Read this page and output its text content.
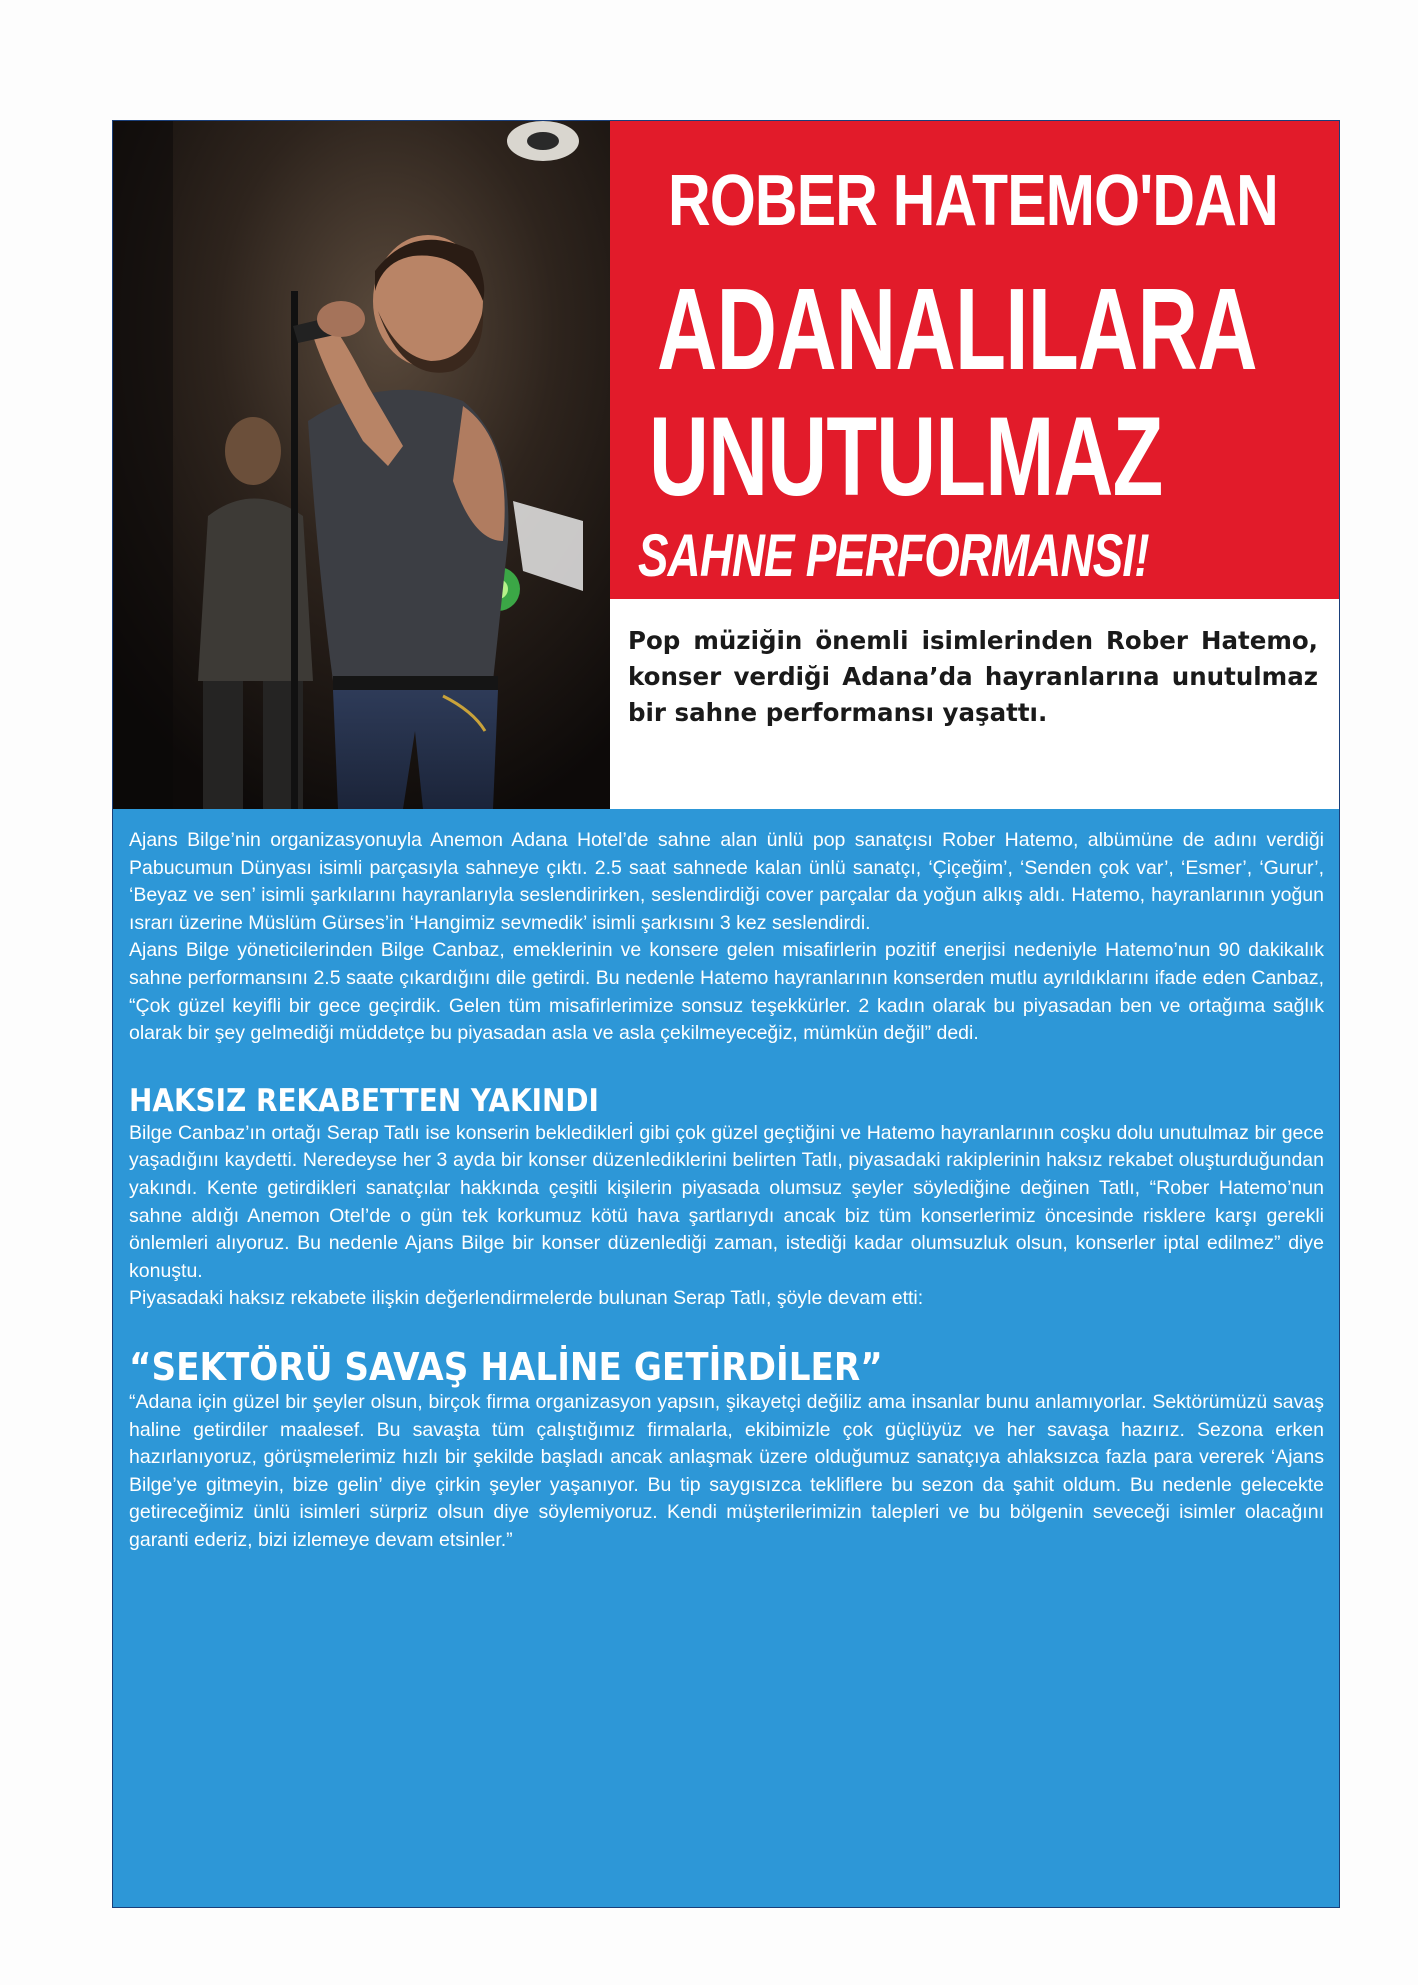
ROBER HATEMO'DAN
ADANALILARA
UNUTULMAZ
SAHNE PERFORMANSI!

Pop müziğin önemli isimlerinden Rober Hatemo, konser verdiği Adana’da hayranlarına unutulmaz bir sahne performansı yaşattı.

Ajans Bilge’nin organizasyonuyla Anemon Adana Hotel’de sahne alan ünlü pop sanatçısı Rober Hatemo, albümüne de adını verdiği Pabucumun Dünyası isimli parçasıyla sahneye çıktı. 2.5 saat sahnede kalan ünlü sanatçı, ‘Çiçeğim’, ‘Senden çok var’, ‘Esmer’, ‘Gurur’, ‘Beyaz ve sen’ isimli şarkılarını hayranlarıyla seslendirirken, seslendirdiği cover parçalar da yoğun alkış aldı. Hatemo, hayranlarının yoğun ısrarı üzerine Müslüm Gürses’in ‘Hangimiz sevmedik’ isimli şarkısını 3 kez seslendirdi.

Ajans Bilge yöneticilerinden Bilge Canbaz, emeklerinin ve konsere gelen misafirlerin pozitif enerjisi nedeniyle Hatemo’nun 90 dakikalık sahne performansını 2.5 saate çıkardığını dile getirdi. Bu nedenle Hatemo hayranlarının konserden mutlu ayrıldıklarını ifade eden Canbaz, “Çok güzel keyifli bir gece geçirdik. Gelen tüm misafirlerimize sonsuz teşekkürler. 2 kadın olarak bu piyasadan ben ve ortağıma sağlık olarak bir şey gelmediği müddetçe bu piyasadan asla ve asla çekilmeyeceğiz, mümkün değil” dedi.

HAKSIZ REKABETTEN YAKINDI

Bilge Canbaz’ın ortağı Serap Tatlı ise konserin beklediklerİ gibi çok güzel geçtiğini ve Hatemo hayranlarının coşku dolu unutulmaz bir gece yaşadığını kaydetti. Neredeyse her 3 ayda bir konser düzenlediklerini belirten Tatlı, piyasadaki rakiplerinin haksız rekabet oluşturduğundan yakındı. Kente getirdikleri sanatçılar hakkında çeşitli kişilerin piyasada olumsuz şeyler söylediğine değinen Tatlı, “Rober Hatemo’nun sahne aldığı Anemon Otel’de o gün tek korkumuz kötü hava şartlarıydı ancak biz tüm konserlerimiz öncesinde risklere karşı gerekli önlemleri alıyoruz. Bu nedenle Ajans Bilge bir konser düzenlediği zaman, istediği kadar olumsuzluk olsun, konserler iptal edilmez” diye konuştu.

Piyasadaki haksız rekabete ilişkin değerlendirmelerde bulunan Serap Tatlı, şöyle devam etti:

“SEKTÖRÜ SAVAŞ HALİNE GETİRDİLER”

“Adana için güzel bir şeyler olsun, birçok firma organizasyon yapsın, şikayetçi değiliz ama insanlar bunu anlamıyorlar. Sektörümüzü savaş haline getirdiler maalesef. Bu savaşta tüm çalıştığımız firmalarla, ekibimizle çok güçlüyüz ve her savaşa hazırız. Sezona erken hazırlanıyoruz, görüşmelerimiz hızlı bir şekilde başladı ancak anlaşmak üzere olduğumuz sanatçıya ahlaksızca fazla para vererek ‘Ajans Bilge’ye gitmeyin, bize gelin’ diye çirkin şeyler yaşanıyor. Bu tip saygısızca tekliflere bu sezon da şahit oldum. Bu nedenle gelecekte getireceğimiz ünlü isimleri sürpriz olsun diye söylemiyoruz. Kendi müşterilerimizin talepleri ve bu bölgenin seveceği isimler olacağını garanti ederiz, bizi izlemeye devam etsinler.”
